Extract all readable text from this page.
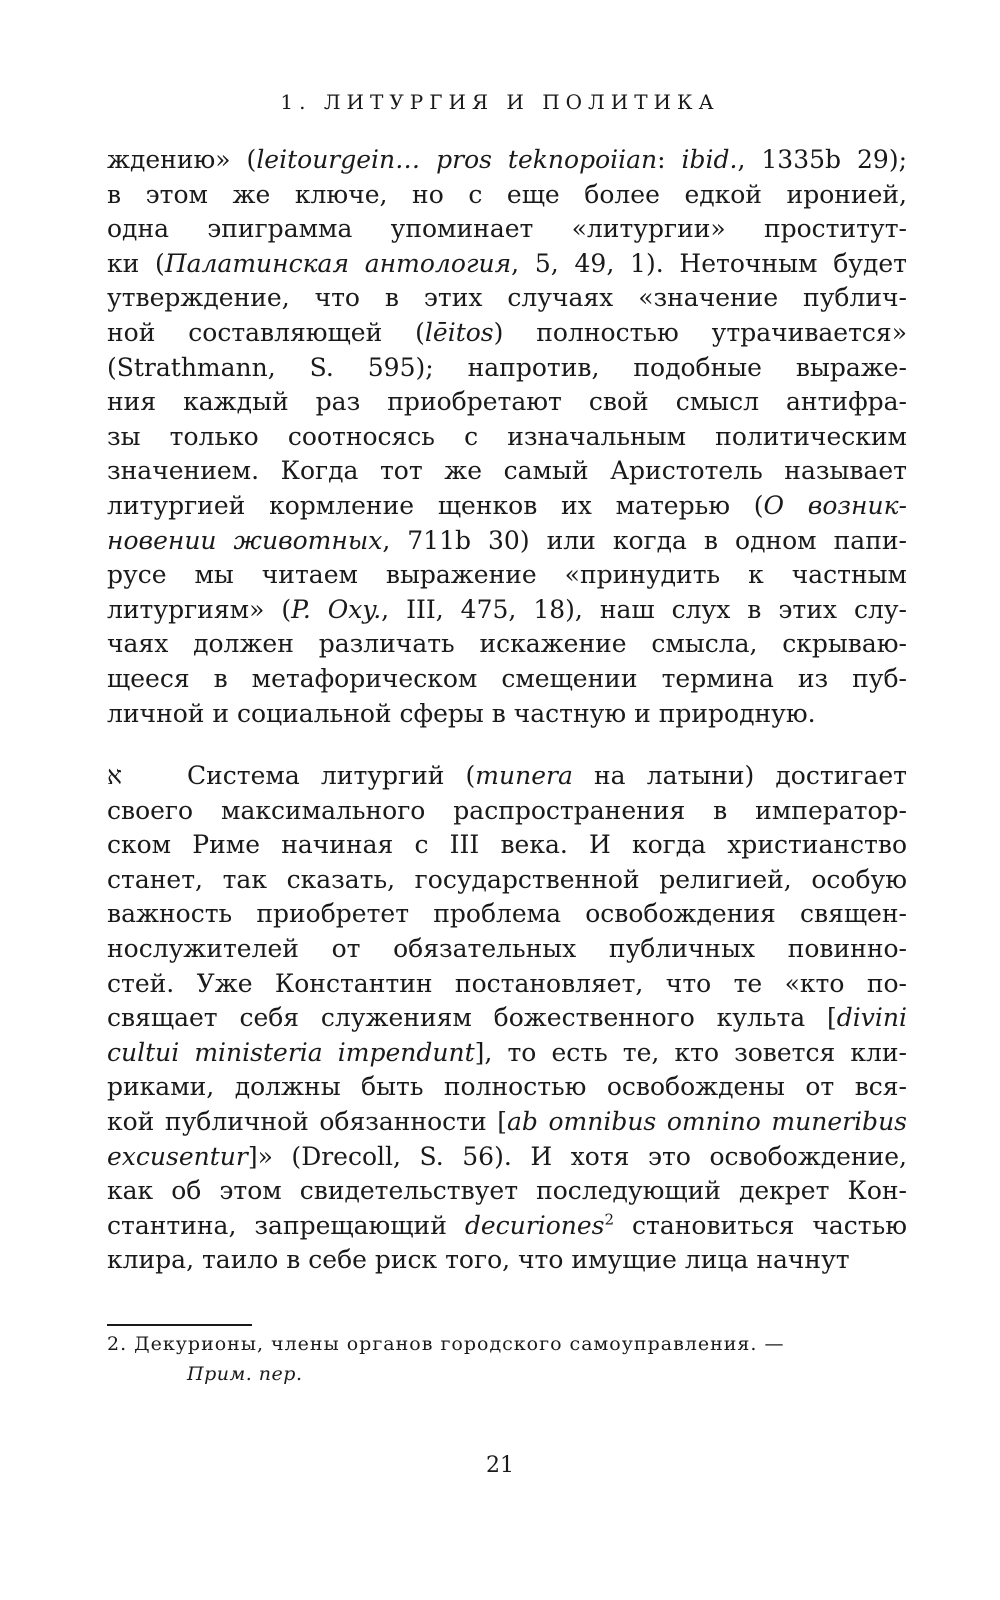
1. ЛИТУРГИЯ И ПОЛИТИКА
ждению» (leitourgein… pros teknopoiian: ibid., 1335b 29);
в этом же ключе, но с еще более едкой иронией,
одна эпиграмма упоминает «литургии» проститут-
ки (Палатинская антология, 5, 49, 1). Неточным будет
утверждение, что в этих случаях «значение публич-
ной составляющей (lēitos) полностью утрачивается»
(Strathmann, S. 595); напротив, подобные выраже-
ния каждый раз приобретают свой смысл антифра-
зы только соотносясь с изначальным политическим
значением. Когда тот же самый Аристотель называет
литургией кормление щенков их матерью (О возник-
новении животных, 711b 30) или когда в одном папи-
русе мы читаем выражение «принудить к частным
литургиям» (P. Oxy., III, 475, 18), наш слух в этих слу-
чаях должен различать искажение смысла, скрываю-
щееся в метафорическом смещении термина из пуб-
личной и социальной сферы в частную и природную.
א	Система литургий (munera на латыни) достигает
своего максимального распространения в император-
ском Риме начиная с III века. И когда христианство
станет, так сказать, государственной религией, особую
важность приобретет проблема освобождения священ-
нослужителей от обязательных публичных повинно-
стей. Уже Константин постановляет, что те «кто по-
свящает себя служениям божественного культа [divini
cultui ministeria impendunt], то есть те, кто зовется кли-
риками, должны быть полностью освобождены от вся-
кой публичной обязанности [ab omnibus omnino muneribus
excusentur]» (Drecoll, S. 56). И хотя это освобождение,
как об этом свидетельствует последующий декрет Кон-
стантина, запрещающий decuriones$^2$ становиться частью
клира, таило в себе риск того, что имущие лица начнут
2. Декурионы, члены органов городского самоуправления. —
Прим. пер.
21
